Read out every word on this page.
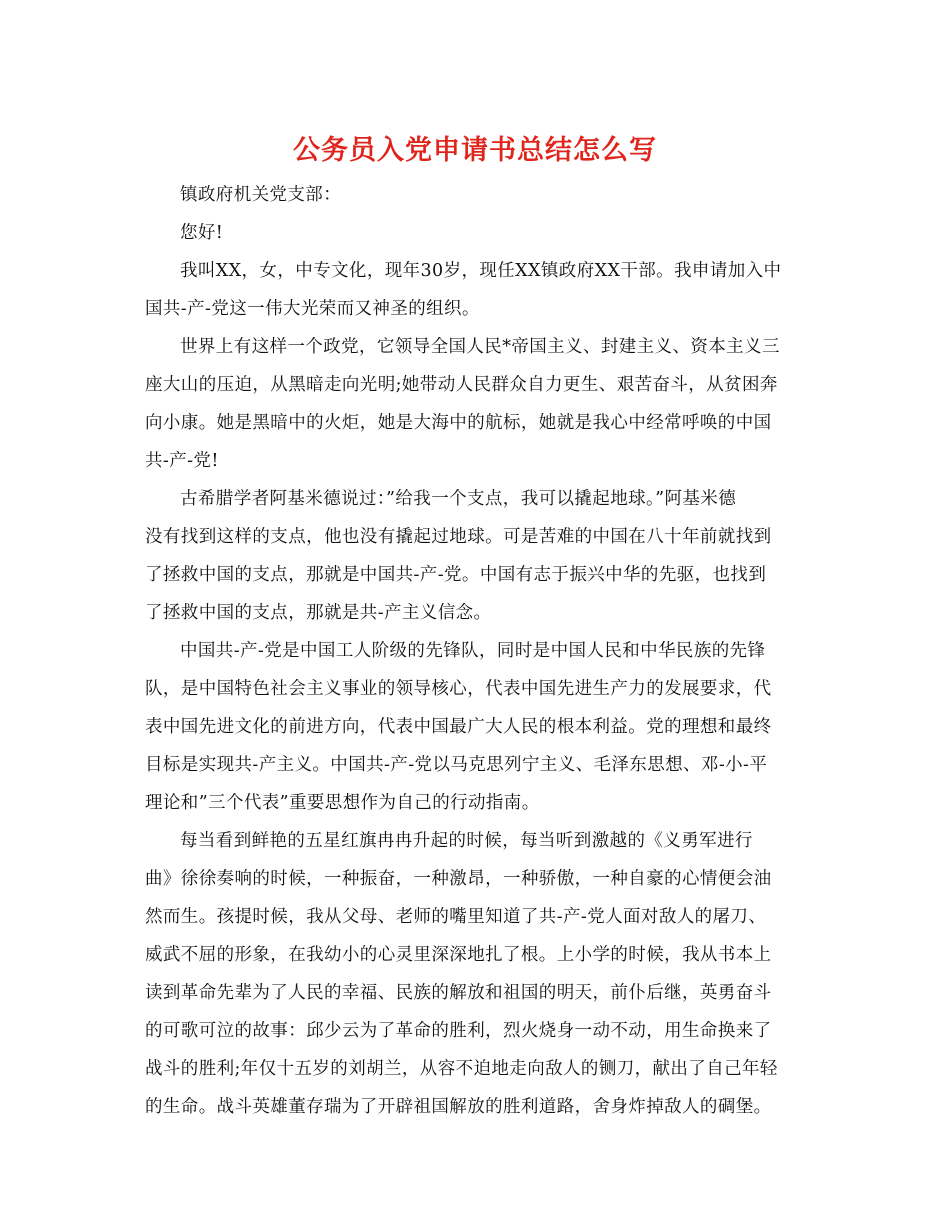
公务员入党申请书总结怎么写
镇政府机关党支部：
您好!
我叫XX，女，中专文化，现年30岁，现任XX镇政府XX干部。我申请加入中
国共-产-党这一伟大光荣而又神圣的组织。
世界上有这样一个政党，它领导全国人民*帝国主义、封建主义、资本主义三
座大山的压迫，从黑暗走向光明;她带动人民群众自力更生、艰苦奋斗，从贫困奔
向小康。她是黑暗中的火炬，她是大海中的航标，她就是我心中经常呼唤的中国
共-产-党!
古希腊学者阿基米德说过：”给我一个支点，我可以撬起地球。”阿基米德
没有找到这样的支点，他也没有撬起过地球。可是苦难的中国在八十年前就找到
了拯救中国的支点，那就是中国共-产-党。中国有志于振兴中华的先驱，也找到
了拯救中国的支点，那就是共-产主义信念。
中国共-产-党是中国工人阶级的先锋队，同时是中国人民和中华民族的先锋
队，是中国特色社会主义事业的领导核心，代表中国先进生产力的发展要求，代
表中国先进文化的前进方向，代表中国最广大人民的根本利益。党的理想和最终
目标是实现共-产主义。中国共-产-党以马克思列宁主义、毛泽东思想、邓-小-平
理论和”三个代表”重要思想作为自己的行动指南。
每当看到鲜艳的五星红旗冉冉升起的时候，每当听到激越的《义勇军进行
曲》徐徐奏响的时候，一种振奋，一种激昂，一种骄傲，一种自豪的心情便会油
然而生。孩提时候，我从父母、老师的嘴里知道了共-产-党人面对敌人的屠刀、
威武不屈的形象，在我幼小的心灵里深深地扎了根。上小学的时候，我从书本上
读到革命先辈为了人民的幸福、民族的解放和祖国的明天，前仆后继，英勇奋斗
的可歌可泣的故事：邱少云为了革命的胜利，烈火烧身一动不动，用生命换来了
战斗的胜利;年仅十五岁的刘胡兰，从容不迫地走向敌人的铡刀，献出了自己年轻
的生命。战斗英雄董存瑞为了开辟祖国解放的胜利道路，舍身炸掉敌人的碉堡。
